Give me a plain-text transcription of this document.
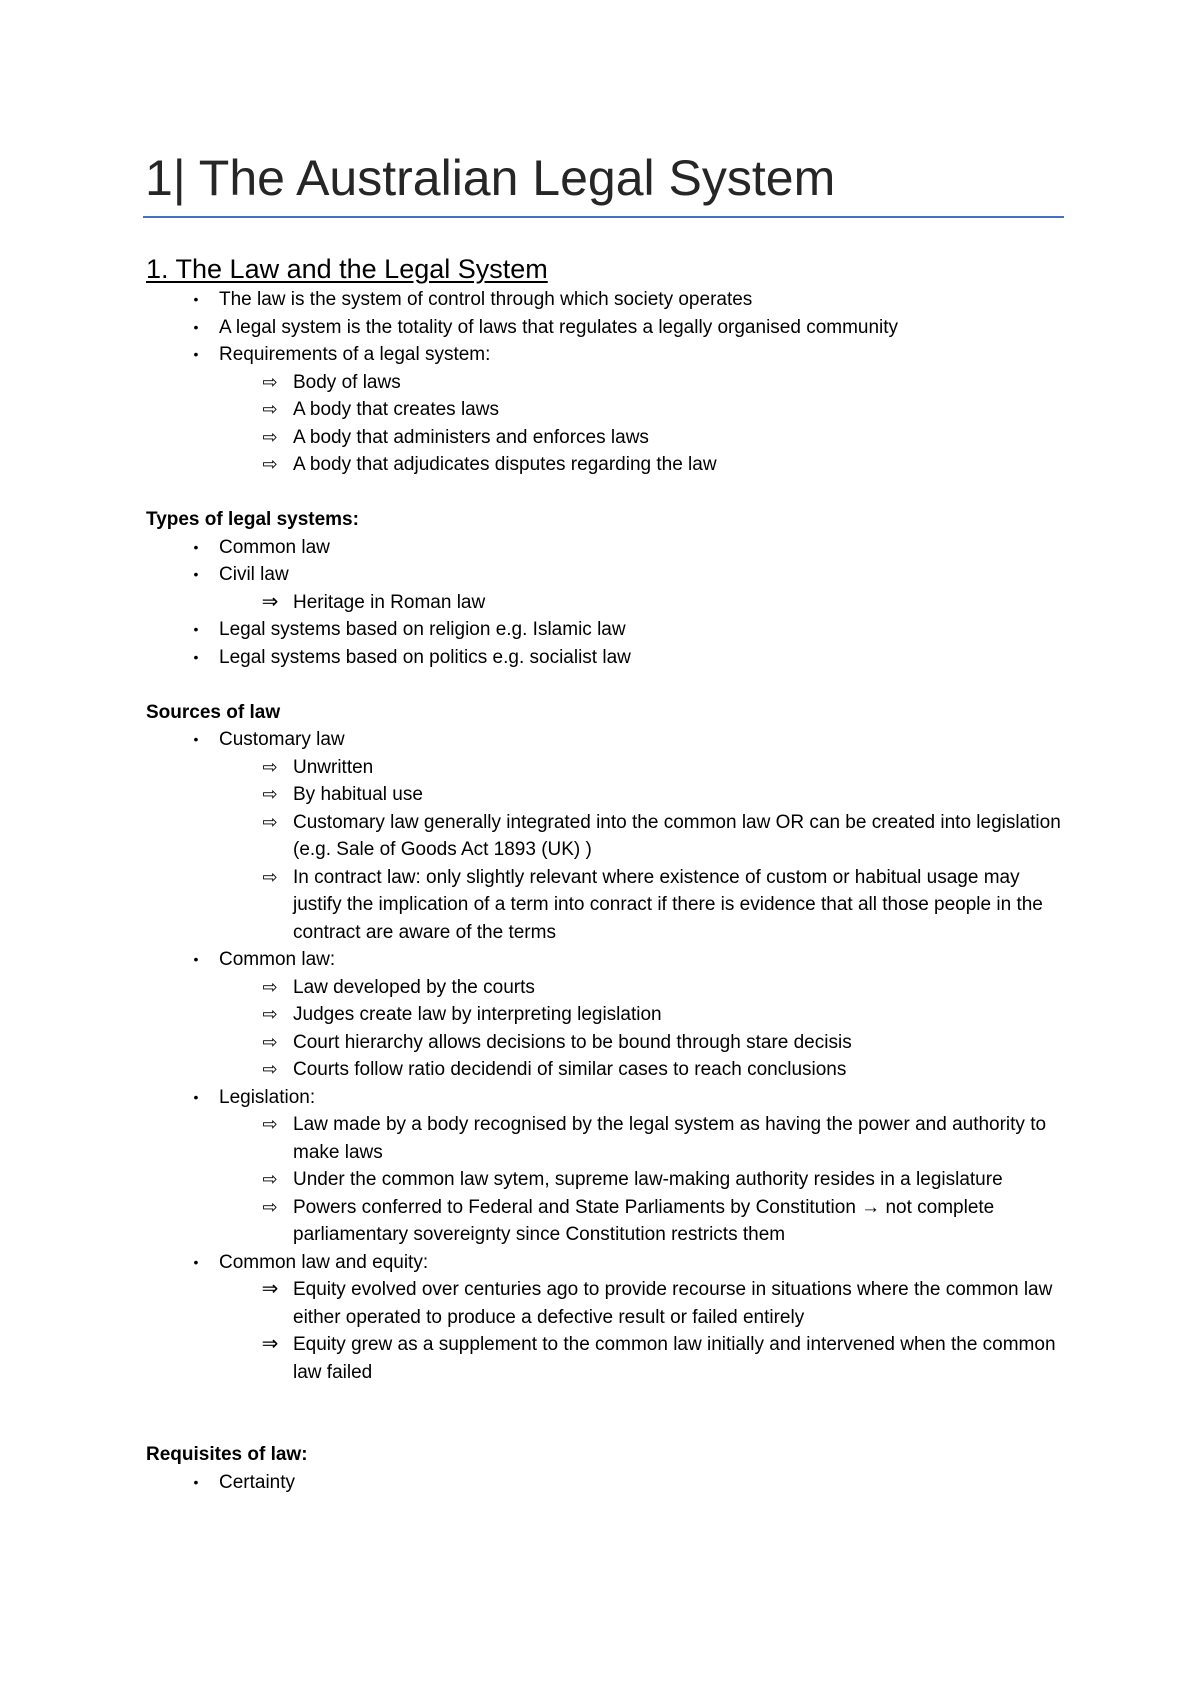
1| The Australian Legal System
1. The Law and the Legal System
•	The law is the system of control through which society operates
•	A legal system is the totality of laws that regulates a legally organised community
•	Requirements of a legal system:
⇨ Body of laws
⇨ A body that creates laws
⇨ A body that administers and enforces laws
⇨ A body that adjudicates disputes regarding the law

Types of legal systems:

•	Common law
•	Civil law
⇒ Heritage in Roman law
•	Legal systems based on religion e.g. Islamic law
•	Legal systems based on politics e.g. socialist law

Sources of law

•	Customary law
⇨ Unwritten
⇨ By habitual use
⇨ Customary law generally integrated into the common law OR can be created into legislation (e.g. Sale of Goods Act 1893 (UK) )
⇨ In contract law: only slightly relevant where existence of custom or habitual usage may justify the implication of a term into conract if there is evidence that all those people in the contract are aware of the terms
•	Common law:
⇨ Law developed by the courts
⇨ Judges create law by interpreting legislation
⇨ Court hierarchy allows decisions to be bound through stare decisis
⇨ Courts follow ratio decidendi of similar cases to reach conclusions
•	Legislation:
⇨ Law made by a body recognised by the legal system as having the power and authority to make laws
⇨ Under the common law sytem, supreme law-making authority resides in a legislature
⇨ Powers conferred to Federal and State Parliaments by Constitution → not complete parliamentary sovereignty since Constitution restricts them
•	Common law and equity:
⇒ Equity evolved over centuries ago to provide recourse in situations where the common law either operated to produce a defective result or failed entirely
⇒ Equity grew as a supplement to the common law initially and intervened when the common law failed

Requisites of law:

•	Certainty
